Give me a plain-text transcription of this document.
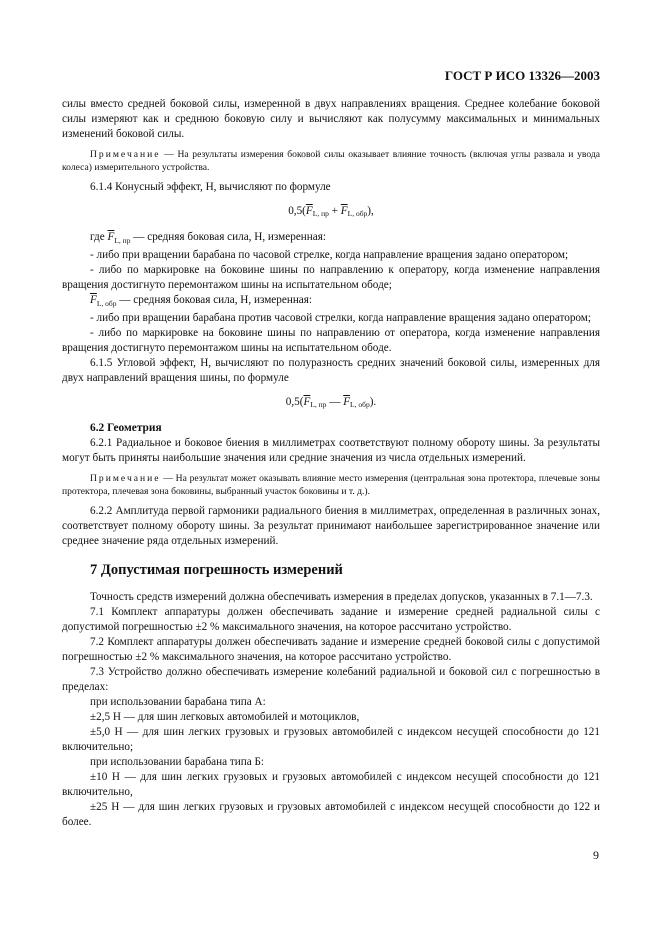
ГОСТ Р ИСО 13326—2003

силы вместо средней боковой силы, измеренной в двух направлениях вращения. Среднее колебание боковой силы измеряют как и среднюю боковую силу и вычисляют как полусумму максимальных и минимальных изменений боковой силы.

Примечание — На результаты измерения боковой силы оказывает влияние точность (включая углы развала и увода колеса) измерительного устройства.

6.1.4 Конусный эффект, Н, вычисляют по формуле

$0,5(\overline{F}_{L, пр} + \overline{F}_{L, обр})$,

где $\overline{F}_{L, пр}$ — средняя боковая сила, Н, измеренная:

- либо при вращении барабана по часовой стрелке, когда направление вращения задано оператором;

- либо по маркировке на боковине шины по направлению к оператору, когда изменение направления вращения достигнуто перемонтажом шины на испытательном ободе;

$\overline{F}_{L, обр}$ — средняя боковая сила, Н, измеренная:

- либо при вращении барабана против часовой стрелки, когда направление вращения задано оператором;

- либо по маркировке на боковине шины по направлению от оператора, когда изменение направления вращения достигнуто перемонтажом шины на испытательном ободе.

6.1.5 Угловой эффект, Н, вычисляют по полуразность средних значений боковой силы, измеренных для двух направлений вращения шины, по формуле

$0,5(\overline{F}_{L, пр}$ — $\overline{F}_{L, обр}$).
6.2 Геометрия

6.2.1 Радиальное и боковое биения в миллиметрах соответствуют полному обороту шины. За результаты могут быть приняты наибольшие значения или средние значения из числа отдельных измерений.

Примечание — На результат может оказывать влияние место измерения (центральная зона протектора, плечевые зоны протектора, плечевая зона боковины, выбранный участок боковины и т. д.).

6.2.2 Амплитуда первой гармоники радиального биения в миллиметрах, определенная в различных зонах, соответствует полному обороту шины. За результат принимают наибольшее зарегистрированное значение или среднее значение ряда отдельных измерений.

7 Допустимая погрешность измерений

Точность средств измерений должна обеспечивать измерения в пределах допусков, указанных в 7.1—7.3.

7.1 Комплект аппаратуры должен обеспечивать задание и измерение средней радиальной силы с допустимой погрешностью ±2 % максимального значения, на которое рассчитано устройство.

7.2 Комплект аппаратуры должен обеспечивать задание и измерение средней боковой силы с допустимой погрешностью ±2 % максимального значения, на которое рассчитано устройство.

7.3 Устройство должно обеспечивать измерение колебаний радиальной и боковой сил с погрешностью в пределах:

при использовании барабана типа А:

±2,5 Н — для шин легковых автомобилей и мотоциклов,

±5,0 Н — для шин легких грузовых и грузовых автомобилей с индексом несущей способности до 121 включительно;

при использовании барабана типа Б:

±10 Н — для шин легких грузовых и грузовых автомобилей с индексом несущей способности до 121 включительно,

±25 Н — для шин легких грузовых и грузовых автомобилей с индексом несущей способности до 122 и более.

9
